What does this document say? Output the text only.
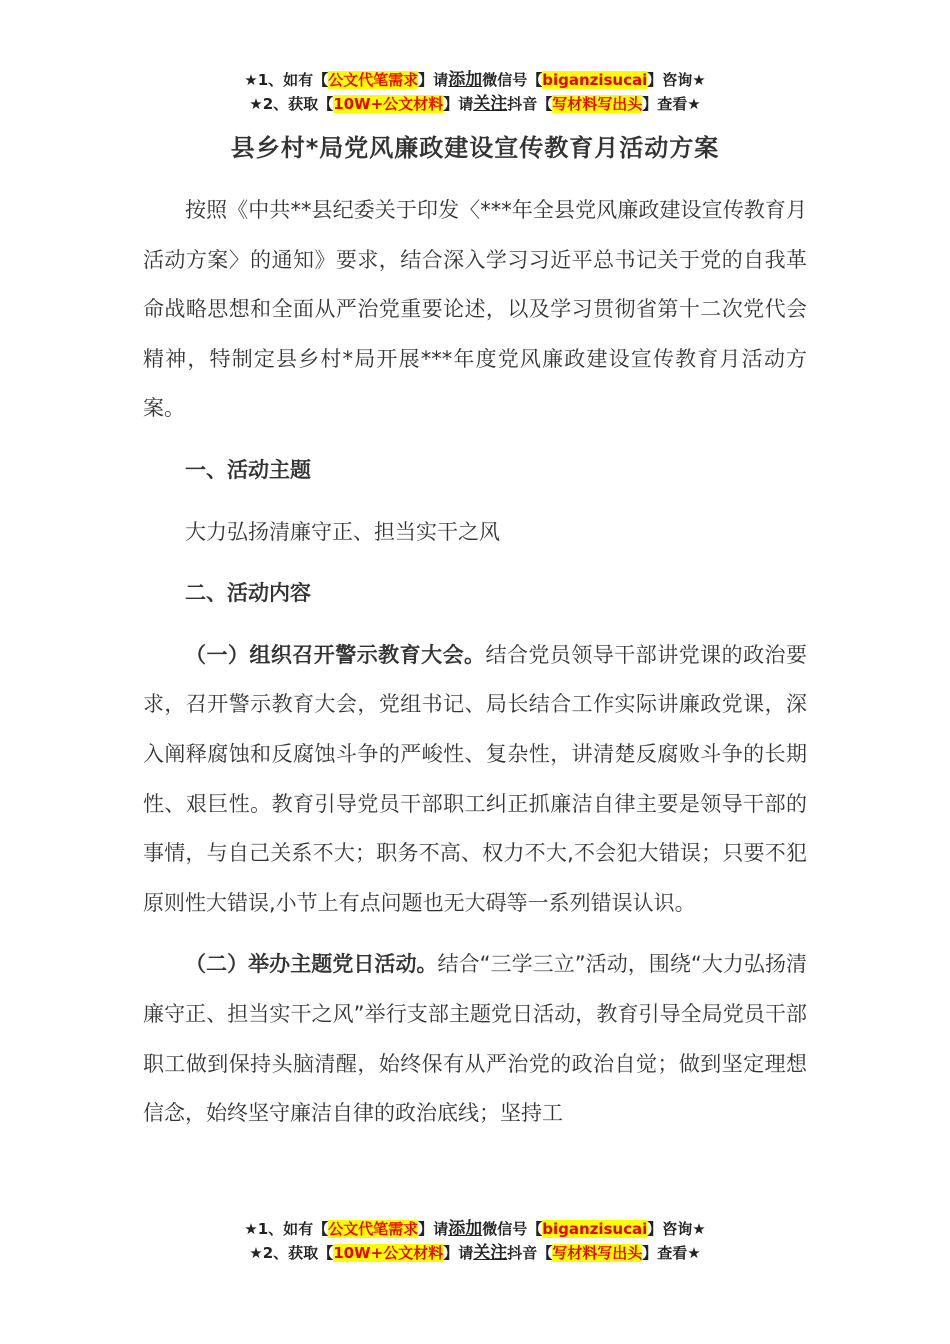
★1、如有【公文代笔需求】请添加微信号【biganzisucai】咨询★
★2、获取【10W+公文材料】请关注抖音【写材料写出头】查看★
县乡村*局党风廉政建设宣传教育月活动方案

按照《中共**县纪委关于印发〈***年全县党风廉政建设宣传教育月活动方案〉的通知》要求，结合深入学习习近平总书记关于党的自我革命战略思想和全面从严治党重要论述，以及学习贯彻省第十二次党代会精神，特制定县乡村*局开展***年度党风廉政建设宣传教育月活动方案。

一、活动主题

大力弘扬清廉守正、担当实干之风

二、活动内容

（一）组织召开警示教育大会。结合党员领导干部讲党课的政治要求，召开警示教育大会，党组书记、局长结合工作实际讲廉政党课，深入阐释腐蚀和反腐蚀斗争的严峻性、复杂性，讲清楚反腐败斗争的长期性、艰巨性。教育引导党员干部职工纠正抓廉洁自律主要是领导干部的事情，与自己关系不大；职务不高、权力不大,不会犯大错误；只要不犯原则性大错误,小节上有点问题也无大碍等一系列错误认识。

（二）举办主题党日活动。结合“三学三立”活动，围绕“大力弘扬清廉守正、担当实干之风”举行支部主题党日活动，教育引导全局党员干部职工做到保持头脑清醒，始终保有从严治党的政治自觉；做到坚定理想信念，始终坚守廉洁自律的政治底线；坚持工

★1、如有【公文代笔需求】请添加微信号【biganzisucai】咨询★
★2、获取【10W+公文材料】请关注抖音【写材料写出头】查看★
